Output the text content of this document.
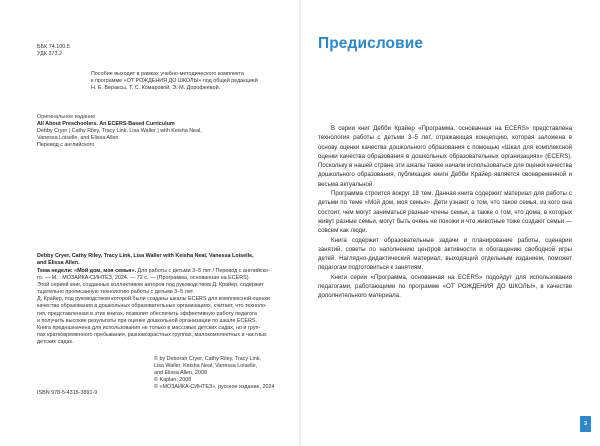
ББК 74.100.5
УДК 373.2
Пособие выходит в рамках учебно-методического комплекта
к программе «ОТ РОЖДЕНИЯ ДО ШКОЛЫ» под общей редакцией
Н. Е. Вераксы, Т. С. Комаровой, Э. М. Дорофеевой.
Оригинальное издание
All About Preschoolers. An ECERS-Based Curriculum
Debby Cryer | Cathy Riley, Tracy Link, Lisa Waller | with Keisha Neal,
Vanessa Loiselle, and Elissa Allen
Перевод с английского
Debby Cryer, Cathy Riley, Tracy Link, Lisa Waller with Keisha Neal, Vanessa Loiselle,
and Elissa Allen.

Тема недели: «Мой дом, моя семья». Для работы с детьми 3–5 лет / Перевод с английско-

го. — М. : МОЗАИКА-СИНТЕЗ, 2024. — 72 с. — (Программа, основанная на ECERS).

Этой серией книг, созданных коллективом авторов под руководством Д. Крайер, содержит
тщательно прописанную технологию работы с детьми 3–5 лет.

Д. Крайер, под руководством которой были созданы шкалы ECERS для комплексной оценки
качества образования в дошкольных образовательных организациях, считает, что техноло-
гия, представленная в этих книгах, позволит обеспечить эффективную работу педагога
и получить высокие результаты при оценке дошкольной организации по шкале ECERS.

Книга предназначена для использования не только в массовых детских садах, но и груп-
пах кратковременного пребывания, разновозрастных группах, малокомплектных и частных
детских садах.

ISBN 978-5-4315-3891-9
© by Deborah Cryer, Cathy Riley, Tracy Link,
Lisa Waller, Keisha Neal, Vanessa Loiselle,
and Elissa Allen, 2008
© Kaplan, 2008
© «МОЗАИКА-СИНТЕЗ», русское издание, 2024
Предисловие

В серии книг Дебби Крайер «Программа, основанная на ECERS» представлена технология работы с детьми 3–5 лет, отражающая концепцию, которая заложена в основу оценки качества дошкольного образования с помощью «Шкал для комплексной оценки качества образования в дошкольных образовательных организациях» (ECERS). Поскольку в нашей стране эти шкалы также начали использоваться для оценки качества дошкольного образования, публикация книги Дебби Крайер является своевременной и весьма актуальной.

Программа строится вокруг 18 тем. Данная книга содержит материал для работы с детьми по теме «Мой дом, моя семья». Дети узнают о том, что такое семья, из кого она состоит, чем могут заниматься разные члены семьи, а также о том, что дома, в которых живут разные семьи, могут быть очень не похожи и что животные тоже создают семьи — совсем как люди.

Книга содержит образовательные задачи и планирование работы, сценарии занятий, советы по наполнению центров активности и обогащению свободной игры детей. Наглядно-дидактический материал, выходящий отдельным изданием, поможет педагогам подготовиться к занятиям.

Книги серии «Программа, основанная на ECERS» подойдут для использования педагогами, работающими по программе «ОТ РОЖДЕНИЯ ДО ШКОЛЫ», в качестве дополнительного материала.

3
